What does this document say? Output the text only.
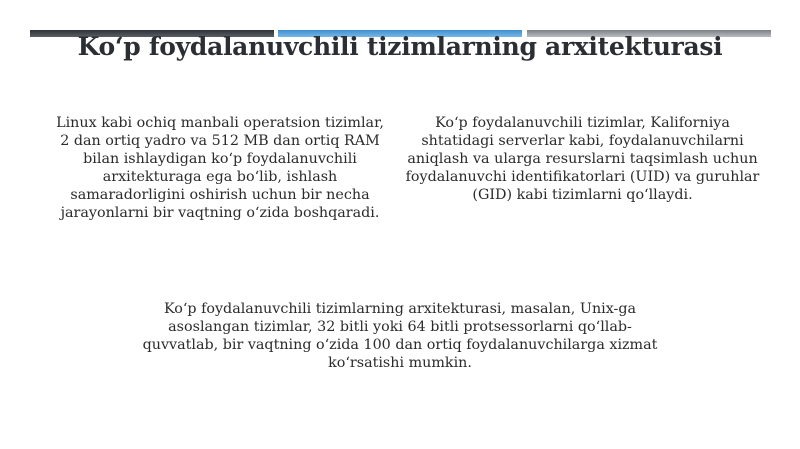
Ko‘p foydalanuvchili tizimlarning arxitekturasi

Linux kabi ochiq manbali operatsion tizimlar, 2 dan ortiq yadro va 512 MB dan ortiq RAM bilan ishlaydigan ko‘p foydalanuvchili arxitekturaga ega bo‘lib, ishlash samaradorligini oshirish uchun bir necha jarayonlarni bir vaqtning o‘zida boshqaradi.

Ko‘p foydalanuvchili tizimlar, Kaliforniya shtatidagi serverlar kabi, foydalanuvchilarni aniqlash va ularga resurslarni taqsimlash uchun foydalanuvchi identifikatorlari (UID) va guruhlar (GID) kabi tizimlarni qo‘llaydi.

Ko‘p foydalanuvchili tizimlarning arxitekturasi, masalan, Unix-ga asoslangan tizimlar, 32 bitli yoki 64 bitli protsessorlarni qo‘llab-quvvatlab, bir vaqtning o‘zida 100 dan ortiq foydalanuvchilarga xizmat ko‘rsatishi mumkin.
